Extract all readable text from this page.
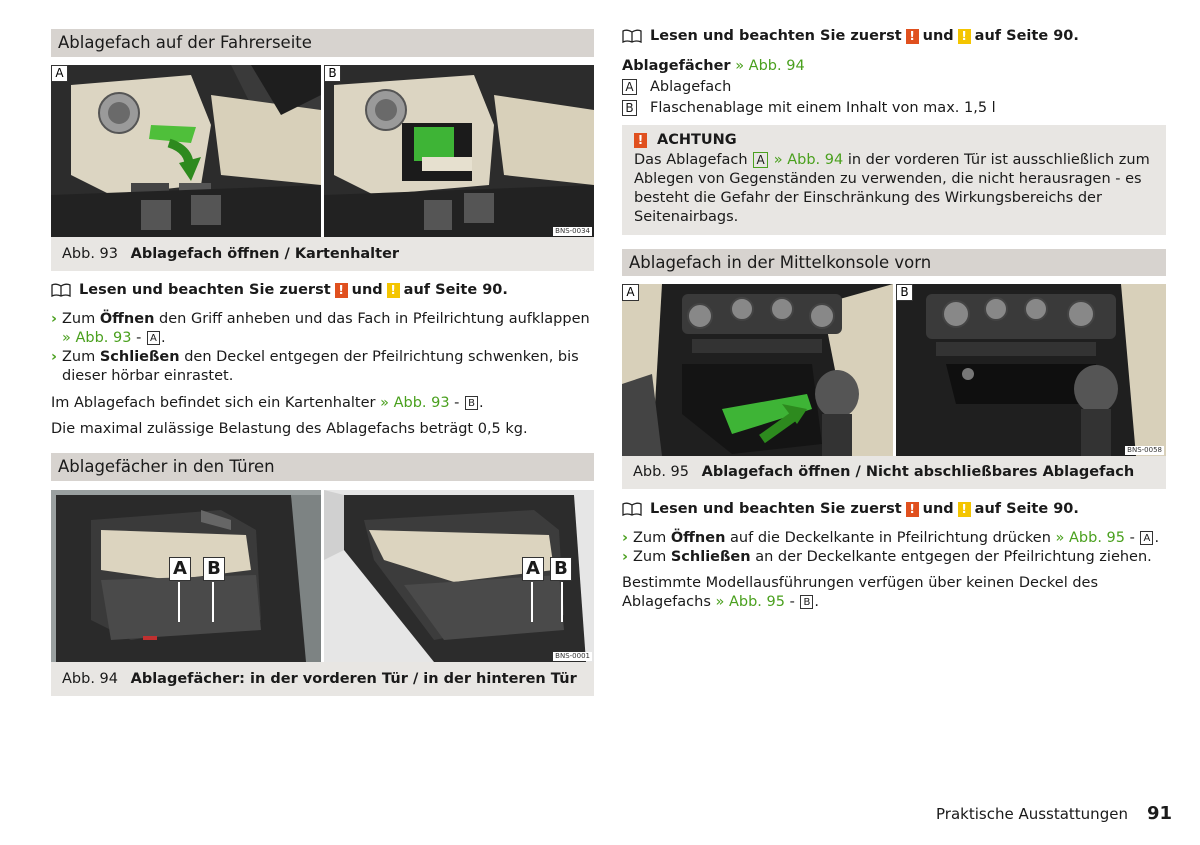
Ablagefach auf der Fahrerseite
A	B
BNS-0034
Abb. 93 Ablagefach öffnen / Kartenhalter
Lesen und beachten Sie zuerst ! und ! auf Seite 90.
› Zum Öffnen den Griff anheben und das Fach in Pfeilrichtung aufklappen
» Abb. 93 - A .
› Zum Schließen den Deckel entgegen der Pfeilrichtung schwenken, bis dieser hörbar einrastet.

Im Ablagefach befindet sich ein Kartenhalter » Abb. 93 - B .

Die maximal zulässige Belastung des Ablagefachs beträgt 0,5 kg.

Ablagefächer in den Türen
A B	A B
BNS-0001
Abb. 94 Ablagefächer: in der vorderen Tür / in der hinteren Tür
Lesen und beachten Sie zuerst ! und ! auf Seite 90.

Ablagefächer » Abb. 94

A Ablagefach
B Flaschenablage mit einem Inhalt von max. 1,5 l
! ACHTUNG

Das Ablagefach A » Abb. 94 in der vorderen Tür ist ausschließlich zum Ablegen von Gegenständen zu verwenden, die nicht herausragen - es besteht die Gefahr der Einschränkung des Wirkungsbereichs der Seitenairbags.

Ablagefach in der Mittelkonsole vorn
A	B
BNS-0058
Abb. 95 Ablagefach öffnen / Nicht abschließbares Ablagefach
Lesen und beachten Sie zuerst ! und ! auf Seite 90.
› Zum Öffnen auf die Deckelkante in Pfeilrichtung drücken » Abb. 95 - A .
› Zum Schließen an der Deckelkante entgegen der Pfeilrichtung ziehen.

Bestimmte Modellausführungen verfügen über keinen Deckel des Ablagefachs » Abb. 95 - B .

Praktische Ausstattungen 91
